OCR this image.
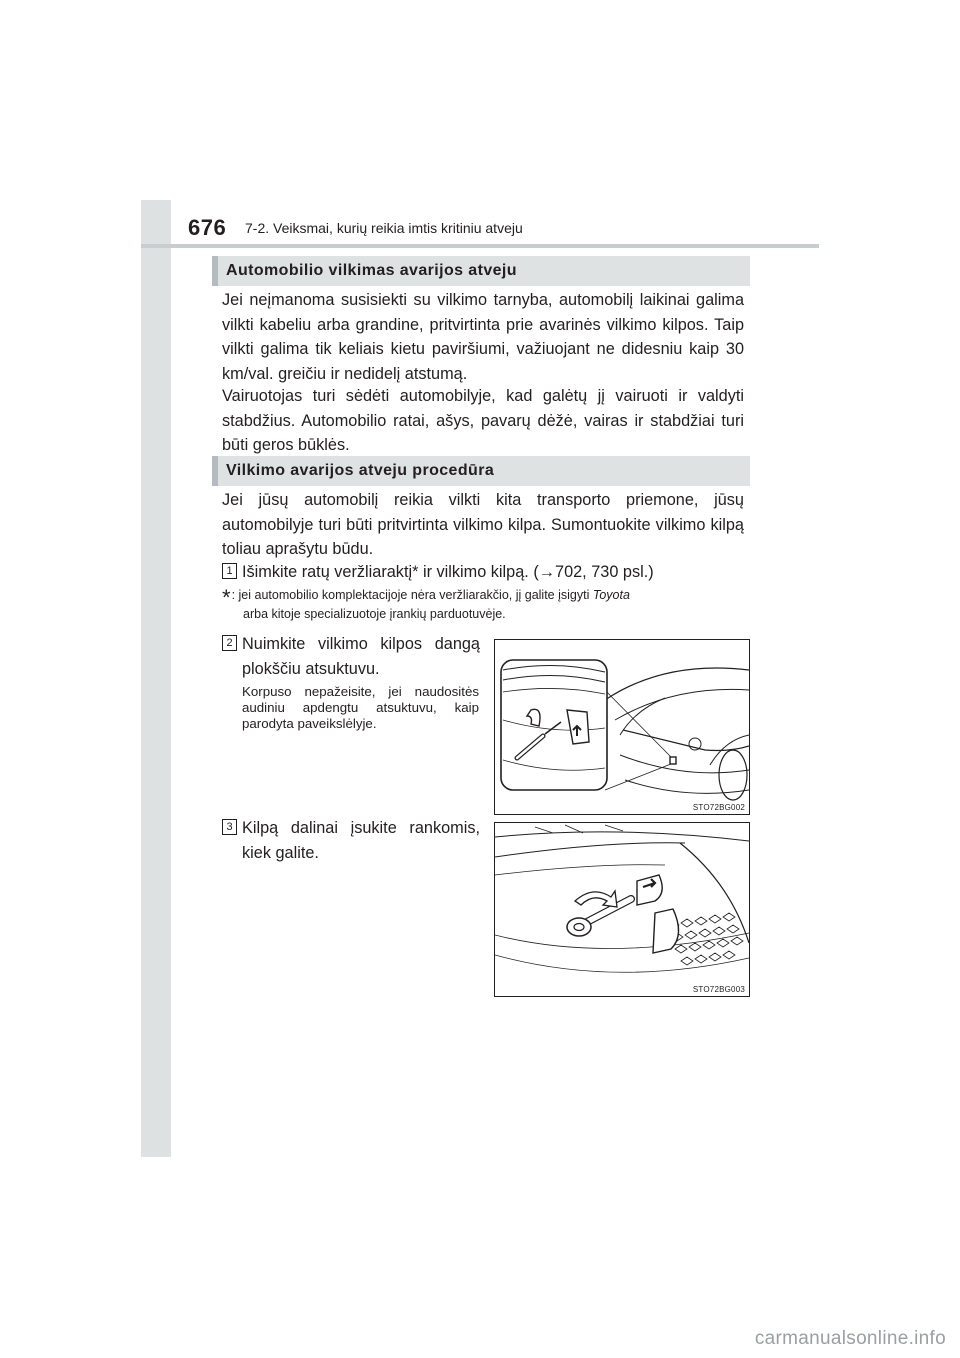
676 7-2. Veiksmai, kurių reikia imtis kritiniu atveju
Automobilio vilkimas avarijos atveju

Jei neįmanoma susisiekti su vilkimo tarnyba, automobilį laikinai galima vilkti kabeliu arba grandine, pritvirtinta prie avarinės vilkimo kilpos. Taip vilkti galima tik keliais kietu paviršiumi, važiuojant ne didesniu kaip 30 km/val. greičiu ir nedidelį atstumą.

Vairuotojas turi sėdėti automobilyje, kad galėtų jį vairuoti ir valdyti stabdžius. Automobilio ratai, ašys, pavarų dėžė, vairas ir stabdžiai turi būti geros būklės.

Vilkimo avarijos atveju procedūra

Jei jūsų automobilį reikia vilkti kita transporto priemone, jūsų automobilyje turi būti pritvirtinta vilkimo kilpa. Sumontuokite vilkimo kilpą toliau aprašytu būdu.

1 Išimkite ratų veržliaraktį* ir vilkimo kilpą. (→702, 730 psl.)

*: jei automobilio komplektacijoje nėra veržliarakčio, jį galite įsigyti Toyota
arba kitoje specializuotoje įrankių parduotuvėje.
2 Nuimkite vilkimo kilpos dangą plokščiu atsuktuvu.

Korpuso nepažeisite, jei naudositės audiniu apdengtu atsuktuvu, kaip parodyta paveikslėlyje.

STO72BG002
3 Kilpą dalinai įsukite rankomis, kiek galite.

STO72BG003
carmanualsonline.info
